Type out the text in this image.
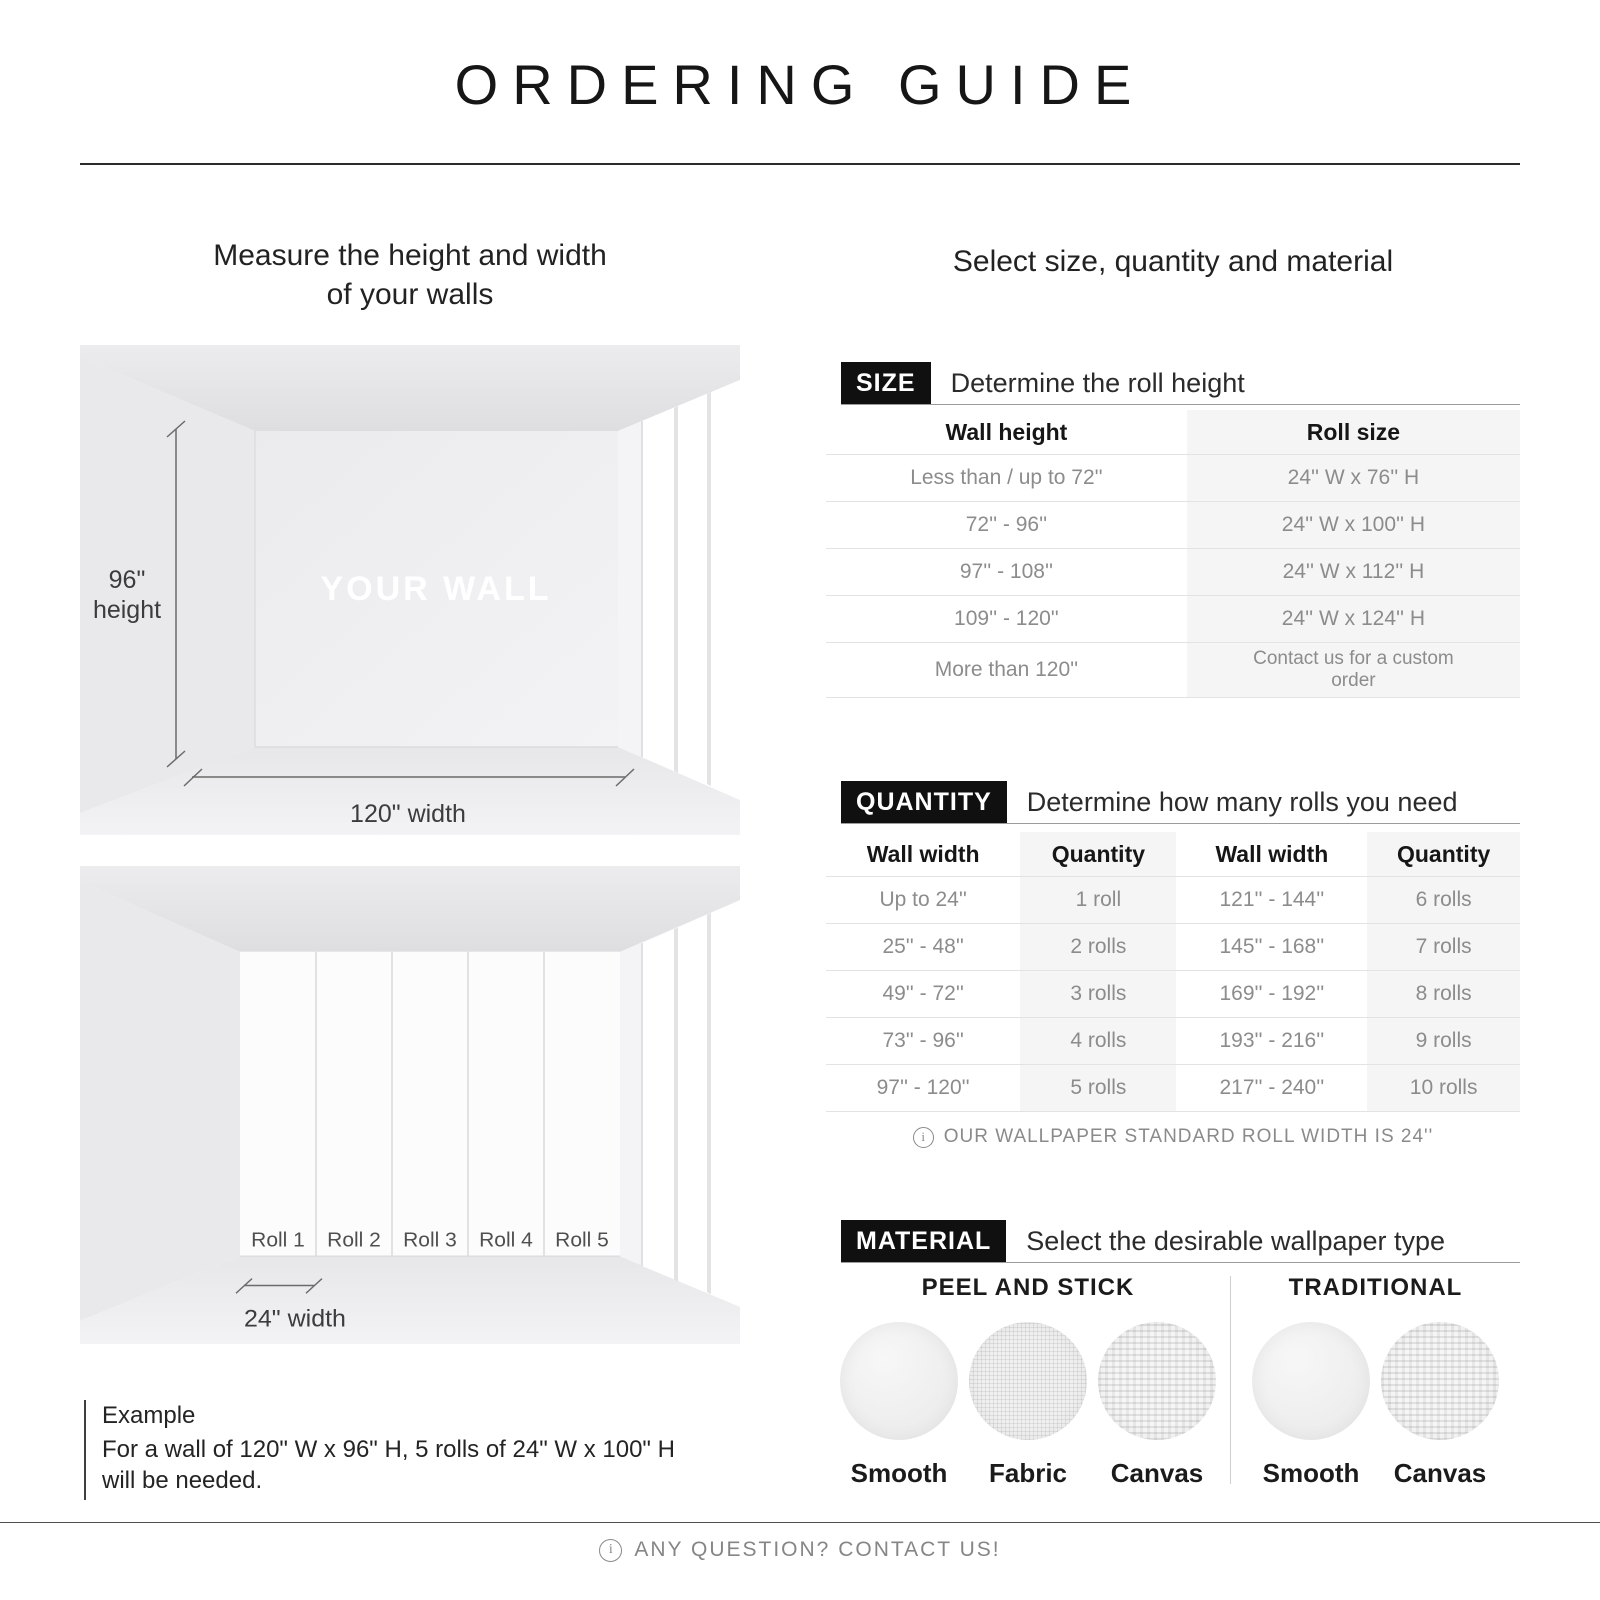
ORDERING GUIDE
Measure the height and width
of your walls
96"
height
YOUR WALL
120" width
Roll 1 Roll 2 Roll 3 Roll 4 Roll 5
24" width

Example

For a wall of 120" W x 96" H, 5 rolls of 24" W x 100" H
will be needed.
Select size, quantity and material
SIZE	Determine the roll height
Wall height	Roll size
Less than / up to 72''	24'' W x 76'' H
72'' - 96''	24'' W x 100'' H
97'' - 108''	24'' W x 112'' H
109'' - 120''	24'' W x 124'' H
More than 120''	Contact us for a custom order
QUANTITY	Determine how many rolls you need
Wall width	Quantity	Wall width	Quantity
Up to 24''	1 roll	121'' - 144''	6 rolls
25'' - 48''	2 rolls	145'' - 168''	7 rolls
49'' - 72''	3 rolls	169'' - 192''	8 rolls
73'' - 96''	4 rolls	193'' - 216''	9 rolls
97'' - 120''	5 rolls	217'' - 240''	10 rolls
i OUR WALLPAPER STANDARD ROLL WIDTH IS 24''
MATERIAL	Select the desirable wallpaper type
PEEL AND STICK
Smooth Fabric Canvas
TRADITIONAL
Smooth Canvas
i	ANY QUESTION? CONTACT US!
